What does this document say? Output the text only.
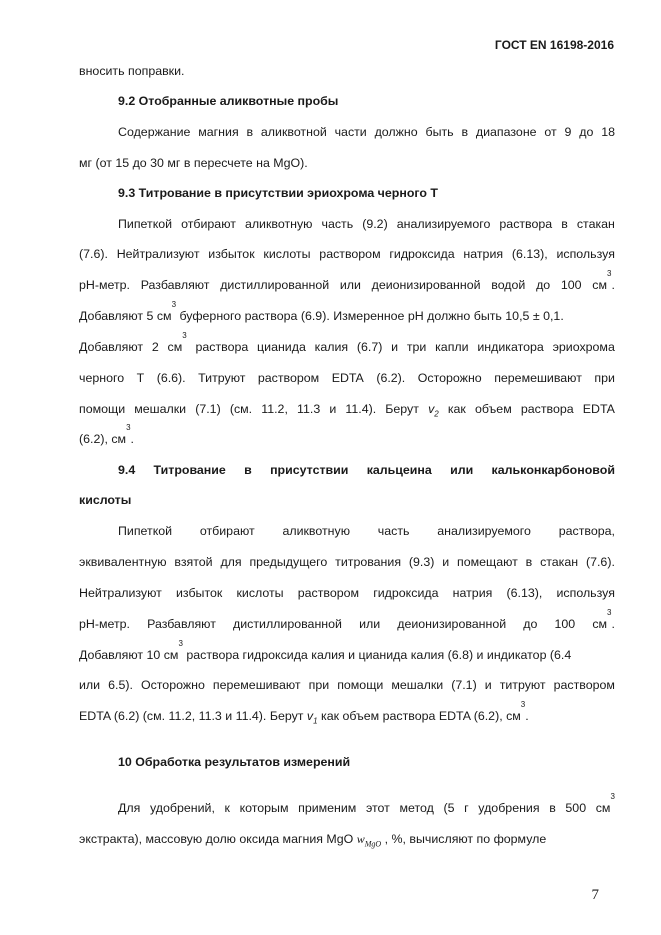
ГОСТ EN 16198-2016
вносить поправки.
9.2 Отобранные аликвотные пробы
Содержание магния в аликвотной части должно быть в диапазоне от 9 до 18
мг (от 15 до 30 мг в пересчете на MgO).
9.3 Титрование в присутствии эриохрома черного Т
Пипеткой отбирают аликвотную часть (9.2) анализируемого раствора в стакан
(7.6). Нейтрализуют избыток кислоты раствором гидроксида натрия (6.13), используя
pH-метр. Разбавляют дистиллированной или деионизированной водой до 100 $см^3$.
Добавляют 5 $см^3$ буферного раствора (6.9). Измеренное pH должно быть 10,5 ± 0,1.
Добавляют 2 $см^3$
раствора цианида калия (6.7) и три капли индикатора эриохрома
черного Т (6.6). Титруют раствором EDTA (6.2). Осторожно перемешивают при
помощи мешалки (7.1) (см. 11.2, 11.3 и 11.4). Берут $v_2$ как объем раствора EDTA
(6.2), $см^3$.
9.4 Титрование в присутствии кальцеина или калькoнкарбоновой
кислоты
Пипеткой отбирают аликвотную часть анализируемого раствора,
эквивалентную взятой для предыдущего титрования (9.3) и помещают в стакан (7.6).
Нейтрализуют избыток кислоты раствором гидроксида натрия (6.13), используя
pH-метр. Разбавляют дистиллированной или деионизированной до 100 $см^3$.
Добавляют 10 $см^3$ раствора гидроксида калия и цианида калия (6.8) и индикатор (6.4
или 6.5). Осторожно перемешивают при помощи мешалки (7.1) и титруют раствором
EDTA (6.2) (см. 11.2, 11.3 и 11.4). Берут $v_1$ как объем раствора EDTA (6.2), $см^3$.
10 Обработка результатов измерений
Для удобрений, к которым применим этот метод (5 г удобрения в 500 $см^3$
экстракта), массовую долю оксида магния MgO $w_{MgO}$ , %, вычисляют по формуле
7
